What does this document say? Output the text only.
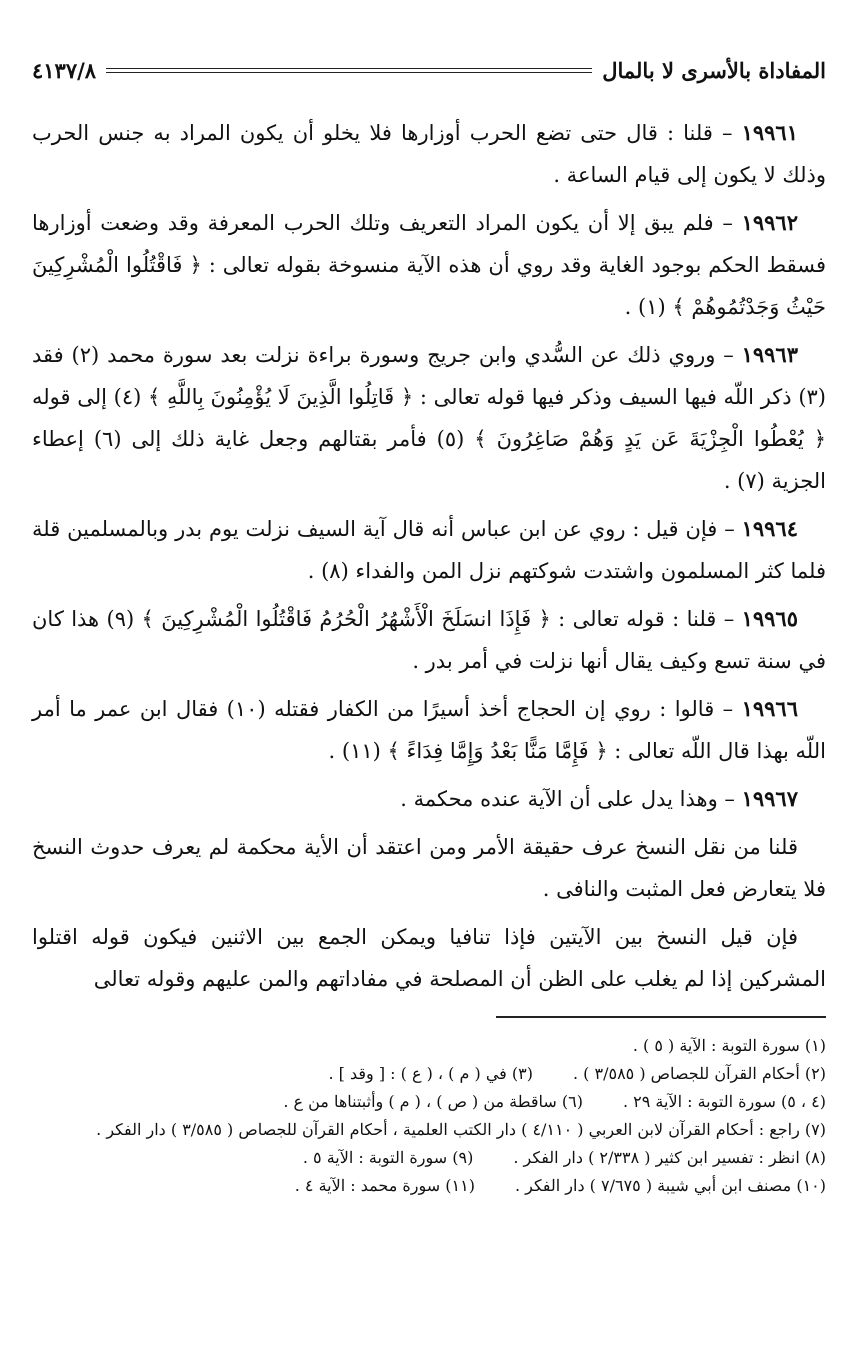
المفاداة بالأسرى لا بالمال
٤١٣٧/٨

١٩٩٦١ – قلنا : قال حتى تضع الحرب أوزارها فلا يخلو أن يكون المراد به جنس الحرب وذلك لا يكون إلى قيام الساعة .

١٩٩٦٢ – فلم يبق إلا أن يكون المراد التعريف وتلك الحرب المعرفة وقد وضعت أوزارها فسقط الحكم بوجود الغاية وقد روي أن هذه الآية منسوخة بقوله تعالى : ﴿ فَاقْتُلُوا الْمُشْرِكِينَ حَيْثُ وَجَدْتُمُوهُمْ ﴾ (١) .

١٩٩٦٣ – وروي ذلك عن السُّدي وابن جريج وسورة براءة نزلت بعد سورة محمد (٢) فقد (٣) ذكر اللّه فيها السيف وذكر فيها قوله تعالى : ﴿ قَاتِلُوا الَّذِينَ لَا يُؤْمِنُونَ بِاللَّهِ ﴾ (٤) إلى قوله ﴿ يُعْطُوا الْجِزْيَةَ عَن يَدٍ وَهُمْ صَاغِرُونَ ﴾ (٥) فأمر بقتالهم وجعل غاية ذلك إلى (٦) إعطاء الجزية (٧) .

١٩٩٦٤ – فإن قيل : روي عن ابن عباس أنه قال آية السيف نزلت يوم بدر وبالمسلمين قلة فلما كثر المسلمون واشتدت شوكتهم نزل المن والفداء (٨) .

١٩٩٦٥ – قلنا : قوله تعالى : ﴿ فَإِذَا انسَلَخَ الْأَشْهُرُ الْحُرُمُ فَاقْتُلُوا الْمُشْرِكِينَ ﴾ (٩) هذا كان في سنة تسع وكيف يقال أنها نزلت في أمر بدر .

١٩٩٦٦ – قالوا : روي إن الحجاج أخذ أسيرًا من الكفار فقتله (١٠) فقال ابن عمر ما أمر اللّه بهذا قال اللّه تعالى : ﴿ فَإِمَّا مَنًّا بَعْدُ وَإِمَّا فِدَاءً ﴾ (١١) .

١٩٩٦٧ – وهذا يدل على أن الآية عنده محكمة .

قلنا من نقل النسخ عرف حقيقة الأمر ومن اعتقد أن الأية محكمة لم يعرف حدوث النسخ فلا يتعارض فعل المثبت والنافى .

فإن قيل النسخ بين الآيتين فإذا تنافيا ويمكن الجمع بين الاثنين فيكون قوله اقتلوا المشركين إذا لم يغلب على الظن أن المصلحة في مفاداتهم والمن عليهم وقوله تعالى

(١) سورة التوبة : الآية ( ٥ ) .

(٢) أحكام القرآن للجصاص ( ٣/٥٨٥ ) .

(٣) في ( م ) ، ( ع ) : [ وقد ] .

(٤ ، ٥) سورة التوبة : الآية ٢٩ .

(٦) ساقطة من ( ص ) ، ( م ) وأثبتناها من ع .

(٧) راجع : أحكام القرآن لابن العربي ( ٤/١١٠ ) دار الكتب العلمية ، أحكام القرآن للجصاص ( ٣/٥٨٥ ) دار الفكر .

(٨) انظر : تفسير ابن كثير ( ٢/٣٣٨ ) دار الفكر .

(٩) سورة التوبة : الآية ٥ .

(١٠) مصنف ابن أبي شيبة ( ٧/٦٧٥ ) دار الفكر .

(١١) سورة محمد : الآية ٤ .
